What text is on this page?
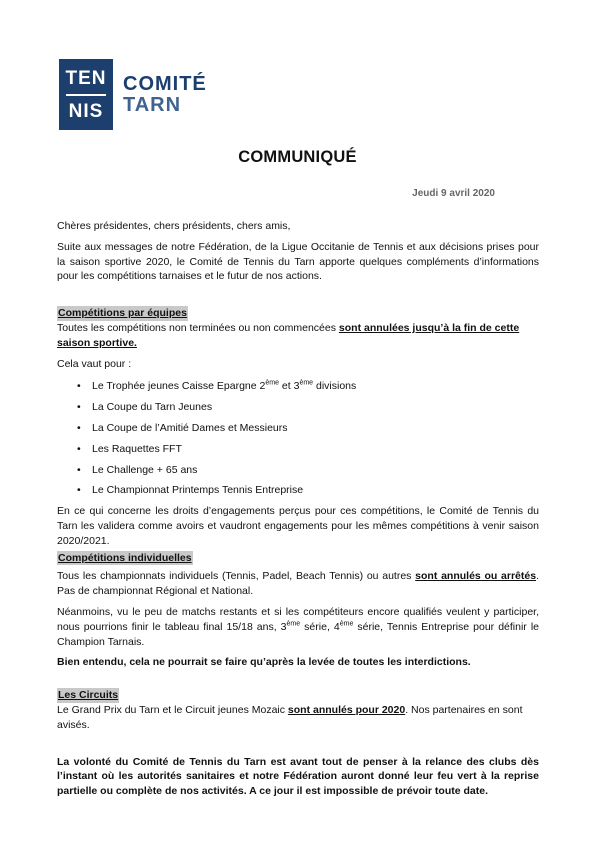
TEN
NIS
COMITÉ
TARN
COMMUNIQUÉ
Jeudi 9 avril 2020

Chères présidentes, chers présidents, chers amis,

Suite aux messages de notre Fédération, de la Ligue Occitanie de Tennis et aux décisions prises pour la saison sportive 2020, le Comité de Tennis du Tarn apporte quelques compléments d’informations pour les compétitions tarnaises et le futur de nos actions.

Compétitions par équipes

Toutes les compétitions non terminées ou non commencées sont annulées jusqu’à la fin de cette saison sportive.

Cela vaut pour :

• Le Trophée jeunes Caisse Epargne 2ème et 3ème divisions
• La Coupe du Tarn Jeunes
• La Coupe de l’Amitié Dames et Messieurs
• Les Raquettes FFT
• Le Challenge + 65 ans
• Le Championnat Printemps Tennis Entreprise

En ce qui concerne les droits d’engagements perçus pour ces compétitions, le Comité de Tennis du Tarn les validera comme avoirs et vaudront engagements pour les mêmes compétitions à venir saison 2020/2021.

Compétitions individuelles

Tous les championnats individuels (Tennis, Padel, Beach Tennis) ou autres sont annulés ou arrêtés. Pas de championnat Régional et National.

Néanmoins, vu le peu de matchs restants et si les compétiteurs encore qualifiés veulent y participer, nous pourrions finir le tableau final 15/18 ans, 3ème série, 4ème série, Tennis Entreprise pour définir le Champion Tarnais.

Bien entendu, cela ne pourrait se faire qu’après la levée de toutes les interdictions.

Les Circuits

Le Grand Prix du Tarn et le Circuit jeunes Mozaic sont annulés pour 2020. Nos partenaires en sont avisés.

La volonté du Comité de Tennis du Tarn est avant tout de penser à la relance des clubs dès l’instant où les autorités sanitaires et notre Fédération auront donné leur feu vert à la reprise partielle ou complète de nos activités. A ce jour il est impossible de prévoir toute date.
